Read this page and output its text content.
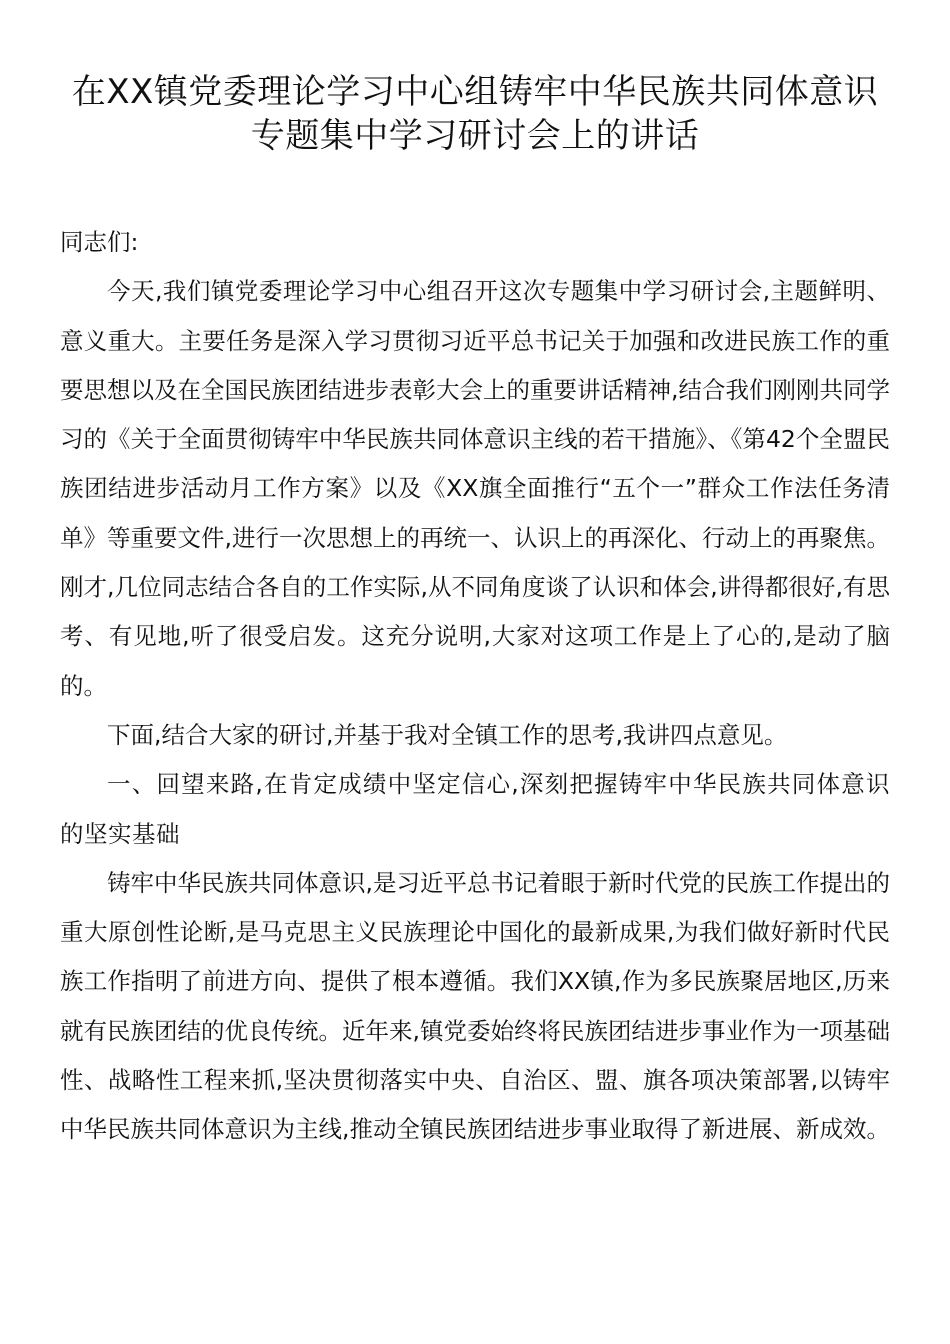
在XX镇党委理论学习中心组铸牢中华民族共同体意识
专题集中学习研讨会上的讲话

同志们:

今天,我们镇党委理论学习中心组召开这次专题集中学习研讨会,主题鲜明、意义重大。主要任务是深入学习贯彻习近平总书记关于加强和改进民族工作的重要思想以及在全国民族团结进步表彰大会上的重要讲话精神,结合我们刚刚共同学习的《关于全面贯彻铸牢中华民族共同体意识主线的若干措施》、《第42个全盟民族团结进步活动月工作方案》以及《XX旗全面推行“五个一”群众工作法任务清单》等重要文件,进行一次思想上的再统一、认识上的再深化、行动上的再聚焦。刚才,几位同志结合各自的工作实际,从不同角度谈了认识和体会,讲得都很好,有思考、有见地,听了很受启发。这充分说明,大家对这项工作是上了心的,是动了脑的。

下面,结合大家的研讨,并基于我对全镇工作的思考,我讲四点意见。

一、回望来路,在肯定成绩中坚定信心,深刻把握铸牢中华民族共同体意识的坚实基础

铸牢中华民族共同体意识,是习近平总书记着眼于新时代党的民族工作提出的重大原创性论断,是马克思主义民族理论中国化的最新成果,为我们做好新时代民族工作指明了前进方向、提供了根本遵循。我们XX镇,作为多民族聚居地区,历来就有民族团结的优良传统。近年来,镇党委始终将民族团结进步事业作为一项基础性、战略性工程来抓,坚决贯彻落实中央、自治区、盟、旗各项决策部署,以铸牢中华民族共同体意识为主线,推动全镇民族团结进步事业取得了新进展、新成效。
